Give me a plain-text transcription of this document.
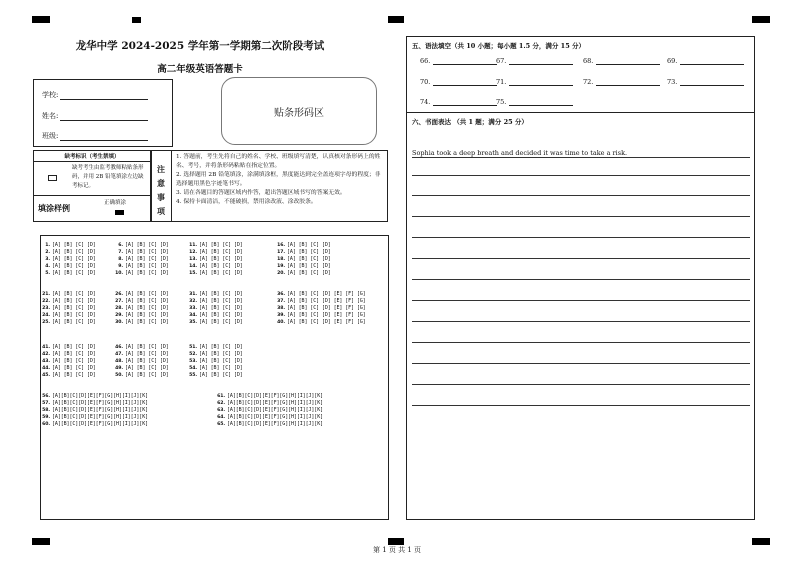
龙华中学 2024-2025 学年第一学期第二次阶段考试
高二年级英语答题卡
学校:
姓名:
班级:
贴条形码区
缺考标识（考生禁填）
缺考考生由监考教师粘贴条形码，并用 2B 铅笔填涂左边缺考标记。
填涂样例	正确填涂
注意事项
1. 答题前，考生先将自己的姓名、学校、班级填写清楚，认真核对条形码上的姓名、考号，并将条形码粘贴在指定位置。
2. 选择题用 2B 铅笔填涂，涂满填涂框，黑度能达到完全盖连项字母的程度；非选择题用黑色字迹笔书写。
3. 请在各题目的答题区域内作答，超出答题区域书写的答案无效。
4. 保持卡面清洁，不能破损，禁用涂改液、涂改胶条。
1. [A] [B] [C] [D]
2. [A] [B] [C] [D]
3. [A] [B] [C] [D]
4. [A] [B] [C] [D]
5. [A] [B] [C] [D]
6. [A] [B] [C] [D]
7. [A] [B] [C] [D]
8. [A] [B] [C] [D]
9. [A] [B] [C] [D]
10. [A] [B] [C] [D]
11. [A] [B] [C] [D]
12. [A] [B] [C] [D]
13. [A] [B] [C] [D]
14. [A] [B] [C] [D]
15. [A] [B] [C] [D]
16. [A] [B] [C] [D]
17. [A] [B] [C] [D]
18. [A] [B] [C] [D]
19. [A] [B] [C] [D]
20. [A] [B] [C] [D]
21. [A] [B] [C] [D]
22. [A] [B] [C] [D]
23. [A] [B] [C] [D]
24. [A] [B] [C] [D]
25. [A] [B] [C] [D]
26. [A] [B] [C] [D]
27. [A] [B] [C] [D]
28. [A] [B] [C] [D]
29. [A] [B] [C] [D]
30. [A] [B] [C] [D]
31. [A] [B] [C] [D]
32. [A] [B] [C] [D]
33. [A] [B] [C] [D]
34. [A] [B] [C] [D]
35. [A] [B] [C] [D]
36. [A] [B] [C] [D] [E] [F] [G]
37. [A] [B] [C] [D] [E] [F] [G]
38. [A] [B] [C] [D] [E] [F] [G]
39. [A] [B] [C] [D] [E] [F] [G]
40. [A] [B] [C] [D] [E] [F] [G]
41. [A] [B] [C] [D]
42. [A] [B] [C] [D]
43. [A] [B] [C] [D]
44. [A] [B] [C] [D]
45. [A] [B] [C] [D]
46. [A] [B] [C] [D]
47. [A] [B] [C] [D]
48. [A] [B] [C] [D]
49. [A] [B] [C] [D]
50. [A] [B] [C] [D]
51. [A] [B] [C] [D]
52. [A] [B] [C] [D]
53. [A] [B] [C] [D]
54. [A] [B] [C] [D]
55. [A] [B] [C] [D]
56. [A][B][C][D][E][F][G][H][I][J][K]
57. [A][B][C][D][E][F][G][H][I][J][K]
58. [A][B][C][D][E][F][G][H][I][J][K]
59. [A][B][C][D][E][F][G][H][I][J][K]
60. [A][B][C][D][E][F][G][H][I][J][K]
61. [A][B][C][D][E][F][G][H][I][J][K]
62. [A][B][C][D][E][F][G][H][I][J][K]
63. [A][B][C][D][E][F][G][H][I][J][K]
64. [A][B][C][D][E][F][G][H][I][J][K]
65. [A][B][C][D][E][F][G][H][I][J][K]
五、语法填空（共 10 小题；每小题 1.5 分，满分 15 分）
66.	67.	68.	69.
70.	71.	72.	73.
74.	75.
六、书面表达 （共 1 题；满分 25 分）
Sophia took a deep breath and decided it was time to take a risk.
第 1 页 共 1 页
